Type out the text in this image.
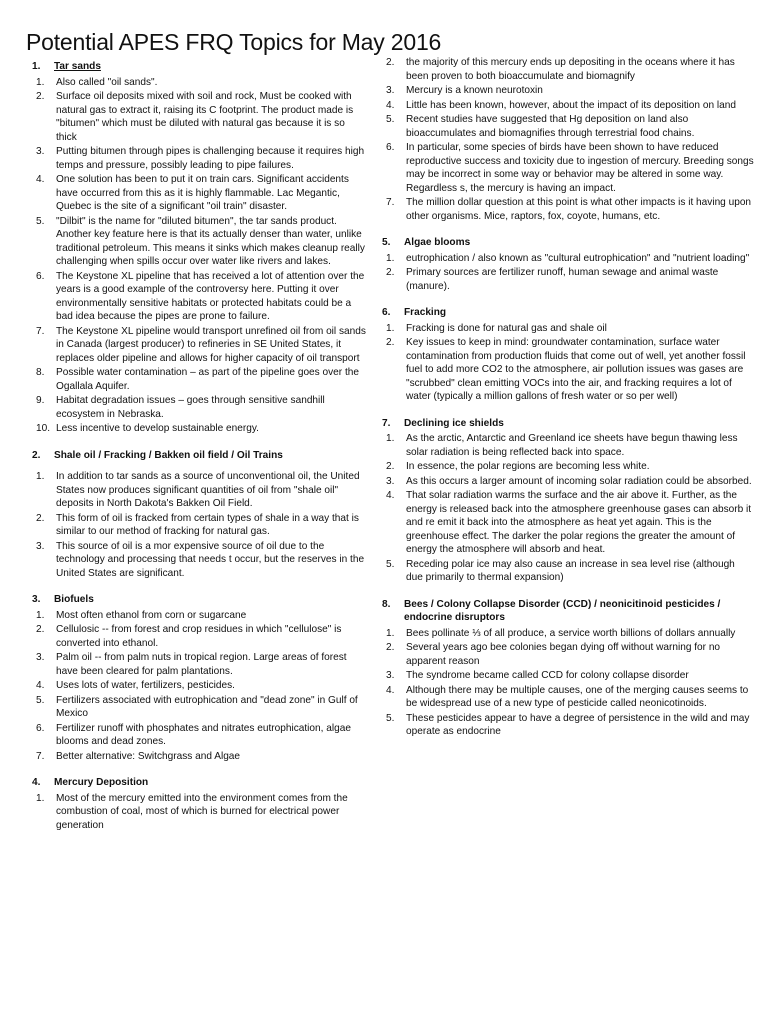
Potential APES FRQ Topics for May 2016
1.	Tar sands
1.	Also called "oil sands".
2.	Surface oil deposits mixed with soil and rock, Must be cooked with natural gas to extract it, raising its C footprint. The product made is "bitumen" which must be diluted with natural gas because it is so thick
3.	Putting bitumen through pipes is challenging because it requires high temps and pressure, possibly leading to pipe failures.
4.	One solution has been to put it on train cars. Significant accidents have occurred from this as it is highly flammable. Lac Megantic, Quebec is the site of a significant "oil train" disaster.
5.	"Dilbit" is the name for "diluted bitumen", the tar sands product. Another key feature here is that its actually denser than water, unlike traditional petroleum. This means it sinks which makes cleanup really challenging when spills occur over water like rivers and lakes.
6.	The Keystone XL pipeline that has received a lot of attention over the years is a good example of the controversy here. Putting it over environmentally sensitive habitats or protected habitats could be a bad idea because the pipes are prone to failure.
7.	The Keystone XL pipeline would transport unrefined oil from oil sands in Canada (largest producer) to refineries in SE United States, it replaces older pipeline and allows for higher capacity of oil transport
8.	Possible water contamination – as part of the pipeline goes over the Ogallala Aquifer.
9.	Habitat degradation issues – goes through sensitive sandhill ecosystem in Nebraska.
10. Less incentive to develop sustainable energy.
2.	Shale oil / Fracking / Bakken oil field / Oil Trains
1.	In addition to tar sands as a source of unconventional oil, the United States now produces significant quantities of oil from "shale oil" deposits in North Dakota's Bakken Oil Field.
2.	This form of oil is fracked from certain types of shale in a way that is similar to our method of fracking for natural gas.
3.	This source of oil is a mor expensive source of oil due to the technology and processing that needs t occur, but the reserves in the United States are significant.
3.	Biofuels
1.	Most often ethanol from corn or sugarcane
2.	Cellulosic -- from forest and crop residues in which "cellulose" is converted into ethanol.
3.	Palm oil -- from palm nuts in tropical region. Large areas of forest have been cleared for palm plantations.
4.	Uses lots of water, fertilizers, pesticides.
5.	Fertilizers associated with eutrophication and "dead zone" in Gulf of Mexico
6.	Fertilizer runoff with phosphates and nitrates eutrophication, algae blooms and dead zones.
7.	Better alternative: Switchgrass and Algae
4.	Mercury Deposition
1.	Most of the mercury emitted into the environment comes from the combustion of coal, most of which is burned for electrical power generation
2.	the majority of this mercury ends up depositing in the oceans where it has been proven to both bioaccumulate and biomagnify
3.	Mercury is a known neurotoxin
4.	Little has been known, however, about the impact of its deposition on land
5.	Recent studies have suggested that Hg deposition on land also bioaccumulates and biomagnifies through terrestrial food chains.
6.	In particular, some species of birds have been shown to have reduced reproductive success and toxicity due to ingestion of mercury. Breeding songs may be incorrect in some way or behavior may be altered in some way. Regardless s, the mercury is having an impact.
7.	The million dollar question at this point is what other impacts is it having upon other organisms. Mice, raptors, fox, coyote, humans, etc.
5.	Algae blooms
1.	eutrophication / also known as "cultural eutrophication" and "nutrient loading"
2.	Primary sources are fertilizer runoff, human sewage and animal waste (manure).
6.	Fracking
1.	Fracking is done for natural gas and shale oil
2.	Key issues to keep in mind: groundwater contamination, surface water contamination from production fluids that come out of well, yet another fossil fuel to add more CO2 to the atmosphere, air pollution issues was gases are "scrubbed" clean emitting VOCs into the air, and fracking requires a lot of water (typically a million gallons of fresh water or so per well)
7.	Declining ice shields
1.	As the arctic, Antarctic and Greenland ice sheets have begun thawing less solar radiation is being reflected back into space.
2.	In essence, the polar regions are becoming less white.
3.	As this occurs a larger amount of incoming solar radiation could be absorbed.
4.	That solar radiation warms the surface and the air above it. Further, as the energy is released back into the atmosphere greenhouse gases can absorb it and re emit it back into the atmosphere as heat yet again. This is the greenhouse effect. The darker the polar regions the greater the amount of energy the atmosphere will absorb and heat.
5.	Receding polar ice may also cause an increase in sea level rise (although due primarily to thermal expansion)
8.	Bees / Colony Collapse Disorder (CCD) / neonicitinoid pesticides / endocrine disruptors
1.	Bees pollinate ⅓ of all produce, a service worth billions of dollars annually
2.	Several years ago bee colonies began dying off without warning for no apparent reason
3.	The syndrome became called CCD for colony collapse disorder
4.	Although there may be multiple causes, one of the merging causes seems to be widespread use of a new type of pesticide called neonicotinoids.
5.	These pesticides appear to have a degree of persistence in the wild and may operate as endocrine
